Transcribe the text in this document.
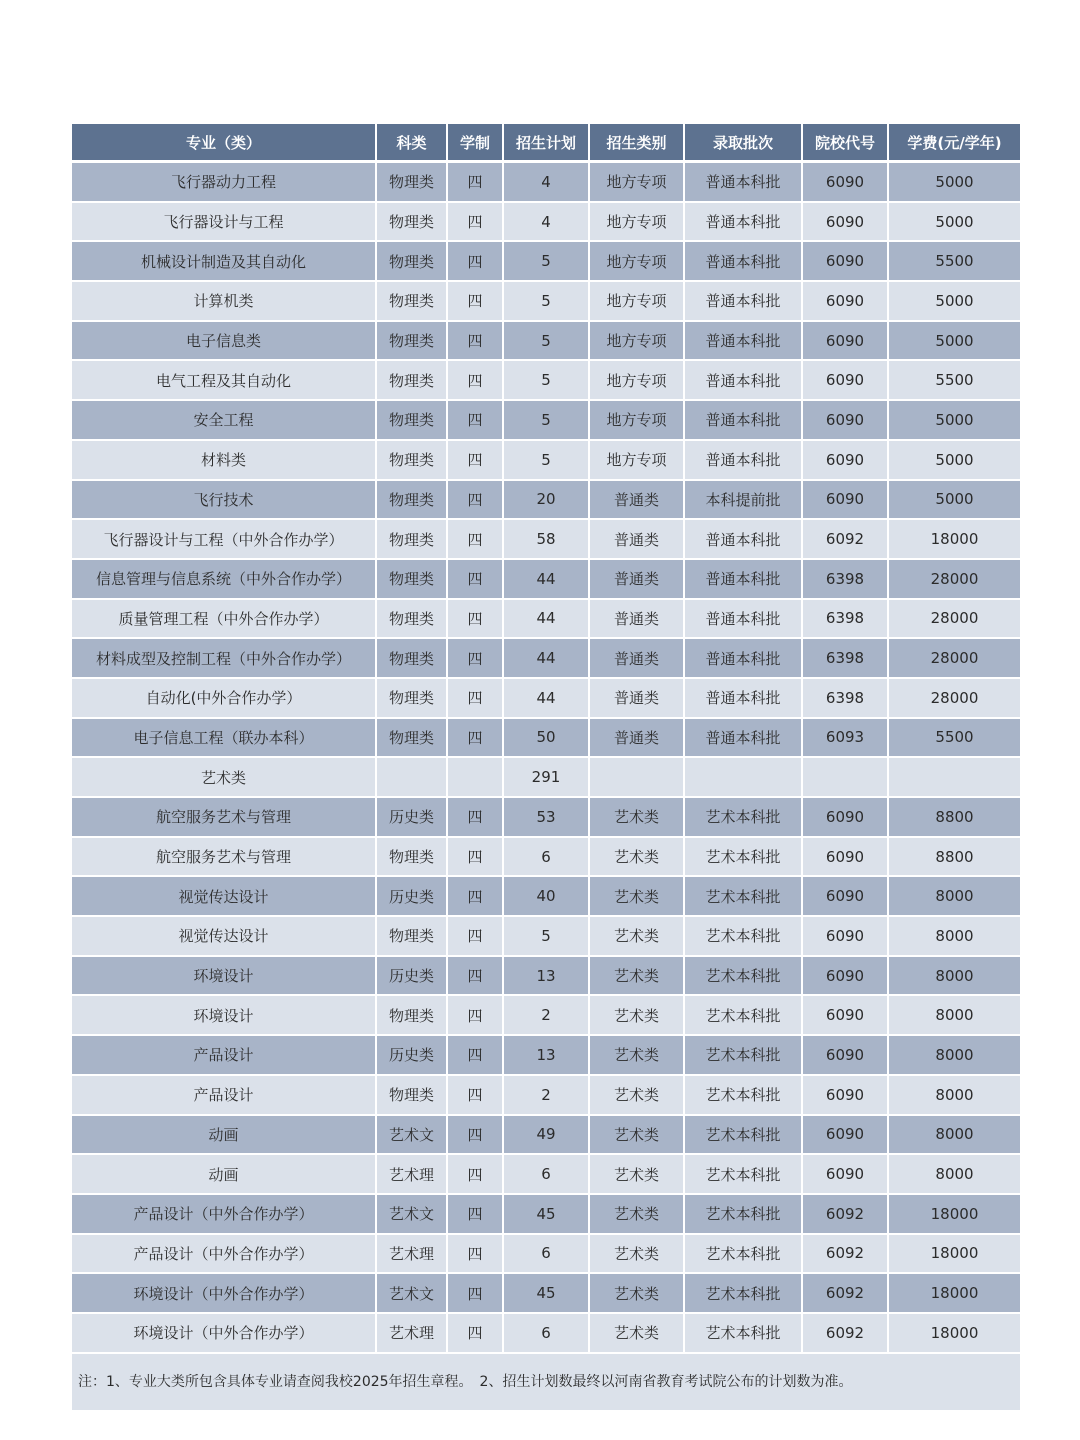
专业（类）	科类	学制	招生计划	招生类别	录取批次	院校代号	学费(元/学年)
飞行器动力工程	物理类	四	4	地方专项	普通本科批	6090	5000
飞行器设计与工程	物理类	四	4	地方专项	普通本科批	6090	5000
机械设计制造及其自动化	物理类	四	5	地方专项	普通本科批	6090	5500
计算机类	物理类	四	5	地方专项	普通本科批	6090	5000
电子信息类	物理类	四	5	地方专项	普通本科批	6090	5000
电气工程及其自动化	物理类	四	5	地方专项	普通本科批	6090	5500
安全工程	物理类	四	5	地方专项	普通本科批	6090	5000
材料类	物理类	四	5	地方专项	普通本科批	6090	5000
飞行技术	物理类	四	20	普通类	本科提前批	6090	5000
飞行器设计与工程（中外合作办学）	物理类	四	58	普通类	普通本科批	6092	18000
信息管理与信息系统（中外合作办学）	物理类	四	44	普通类	普通本科批	6398	28000
质量管理工程（中外合作办学）	物理类	四	44	普通类	普通本科批	6398	28000
材料成型及控制工程（中外合作办学）	物理类	四	44	普通类	普通本科批	6398	28000
自动化(中外合作办学）	物理类	四	44	普通类	普通本科批	6398	28000
电子信息工程（联办本科）	物理类	四	50	普通类	普通本科批	6093	5500
艺术类			291				
航空服务艺术与管理	历史类	四	53	艺术类	艺术本科批	6090	8800
航空服务艺术与管理	物理类	四	6	艺术类	艺术本科批	6090	8800
视觉传达设计	历史类	四	40	艺术类	艺术本科批	6090	8000
视觉传达设计	物理类	四	5	艺术类	艺术本科批	6090	8000
环境设计	历史类	四	13	艺术类	艺术本科批	6090	8000
环境设计	物理类	四	2	艺术类	艺术本科批	6090	8000
产品设计	历史类	四	13	艺术类	艺术本科批	6090	8000
产品设计	物理类	四	2	艺术类	艺术本科批	6090	8000
动画	艺术文	四	49	艺术类	艺术本科批	6090	8000
动画	艺术理	四	6	艺术类	艺术本科批	6090	8000
产品设计（中外合作办学）	艺术文	四	45	艺术类	艺术本科批	6092	18000
产品设计（中外合作办学）	艺术理	四	6	艺术类	艺术本科批	6092	18000
环境设计（中外合作办学）	艺术文	四	45	艺术类	艺术本科批	6092	18000
环境设计（中外合作办学）	艺术理	四	6	艺术类	艺术本科批	6092	18000
注：1、专业大类所包含具体专业请查阅我校2025年招生章程。　2、招生计划数最终以河南省教育考试院公布的计划数为准。
